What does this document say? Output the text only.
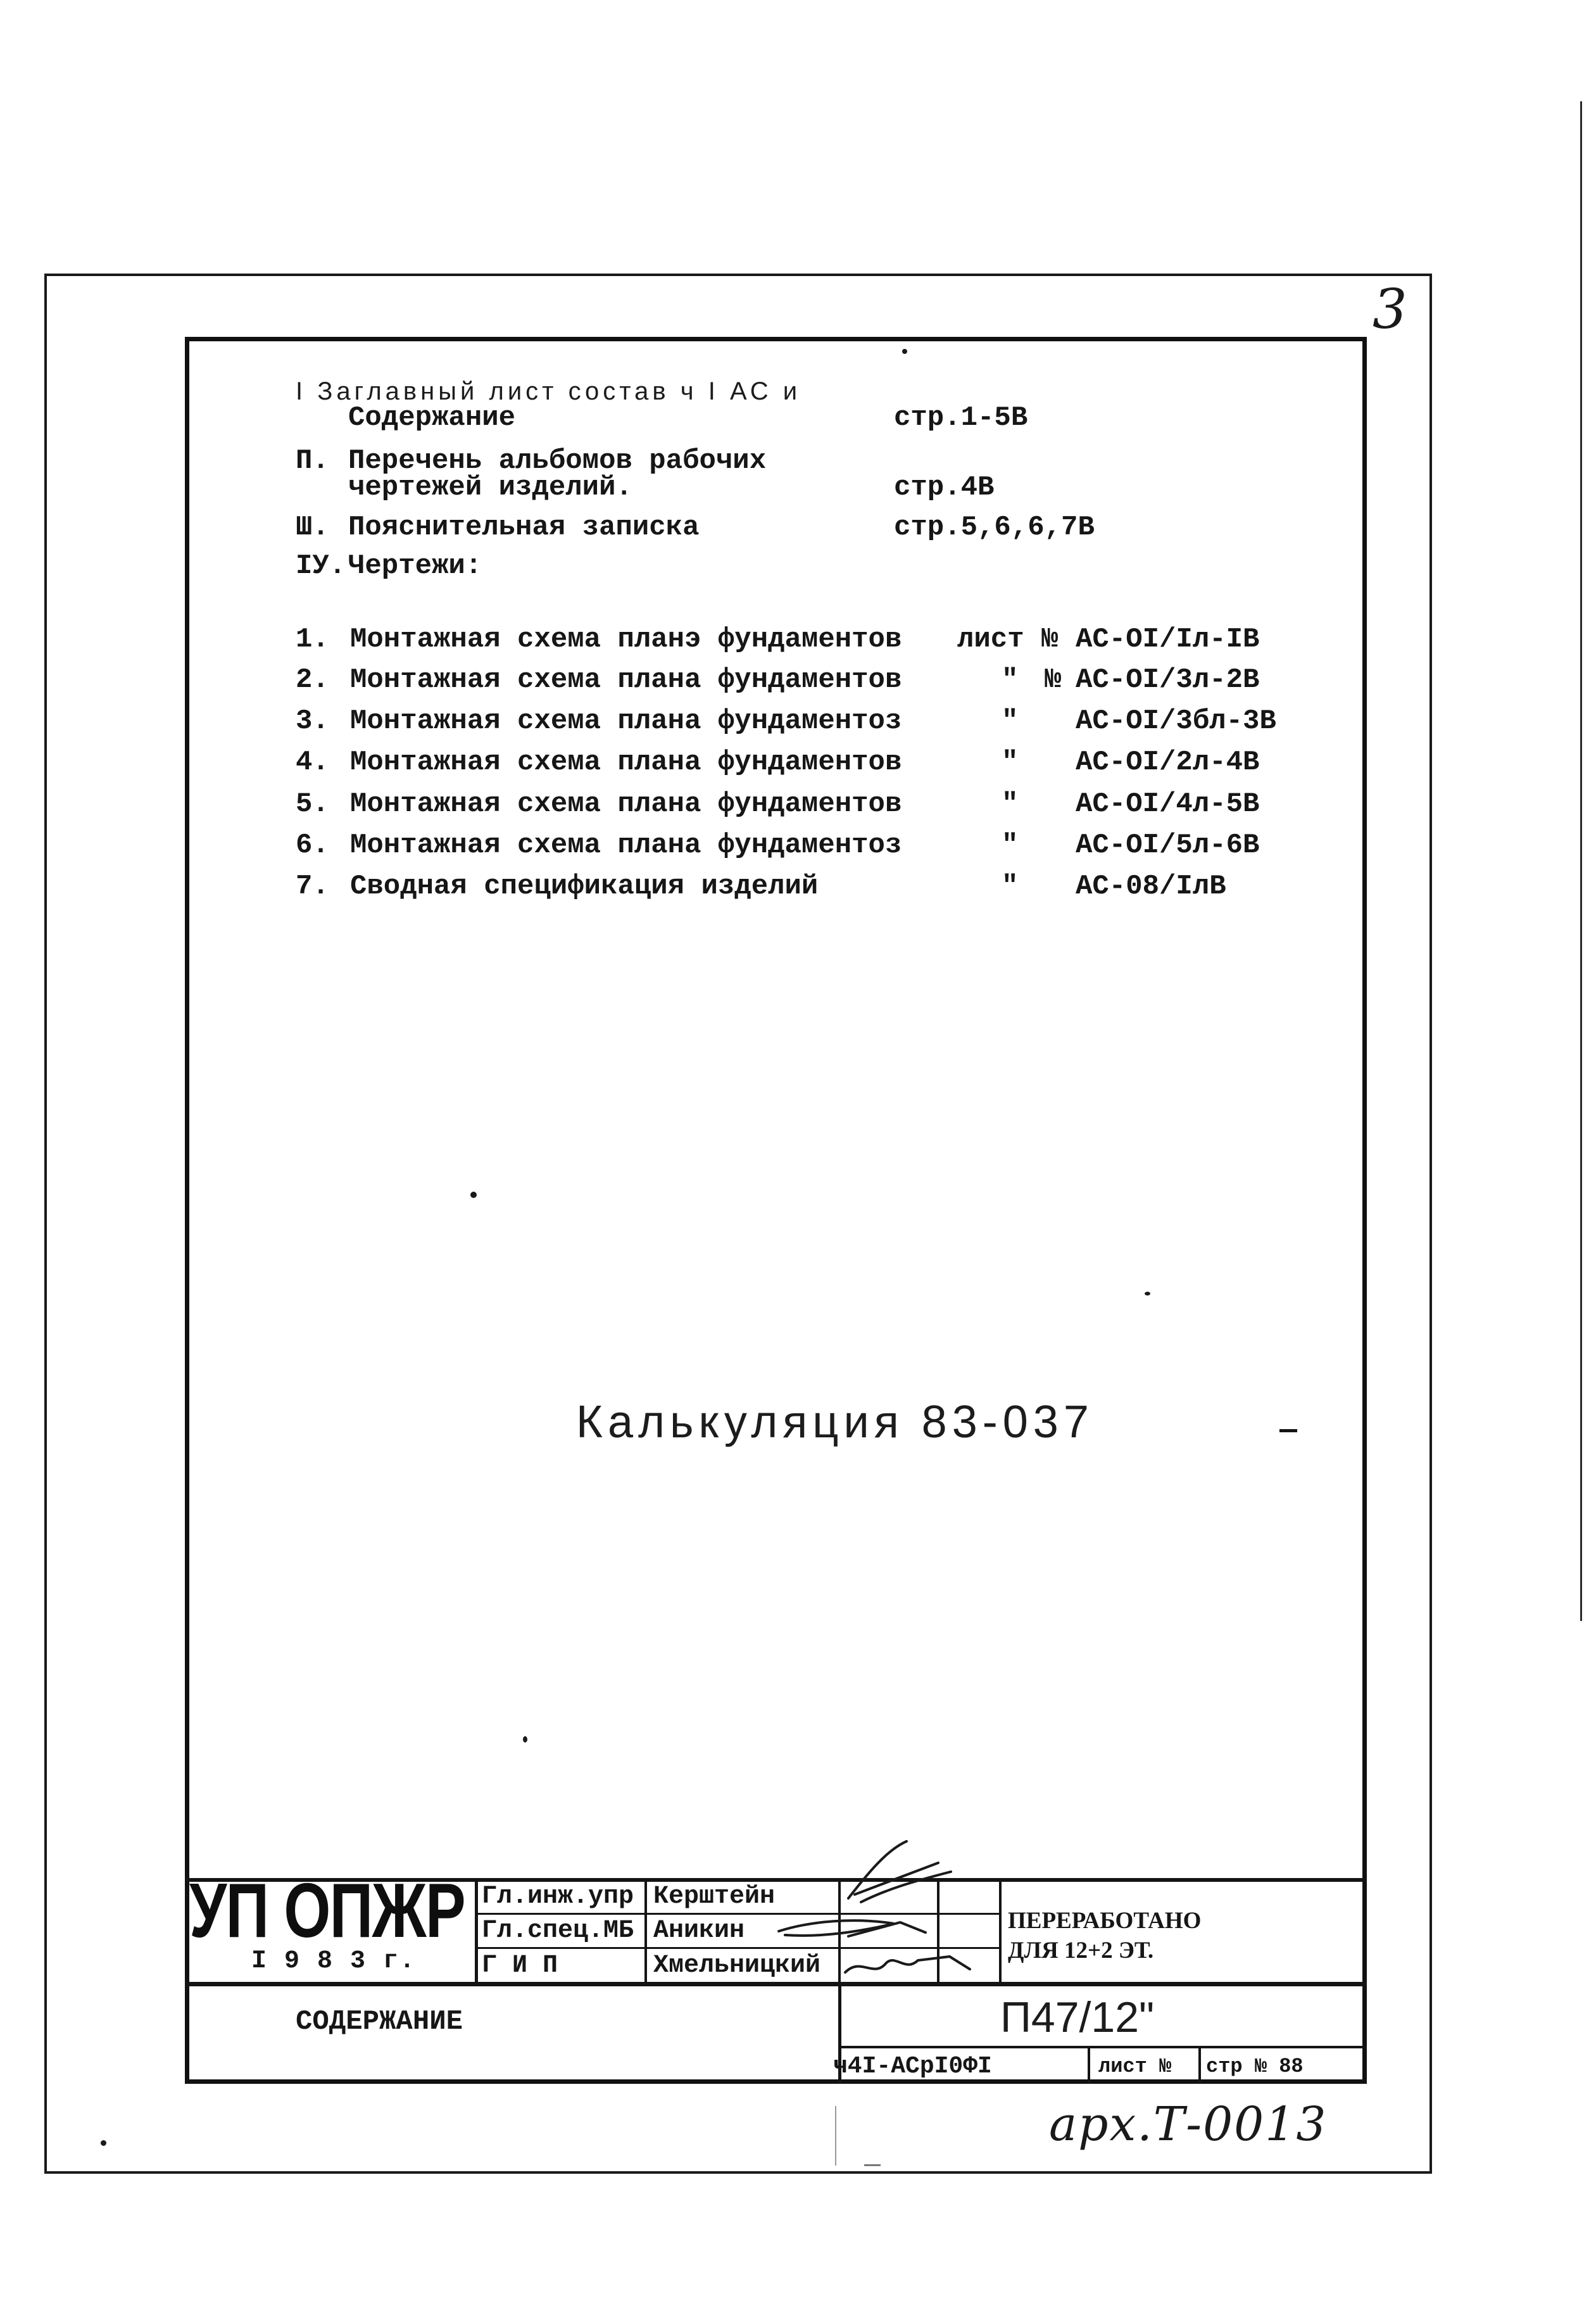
3
I Заглавный лист состав ч I АС и
Содержание	стр.1-5В
П. Перечень альбомов рабочих
чертежей изделий.	стр.4В
Ш. Пояснительная записка	стр.5,6,6,7В
IУ. Чертежи:
1. Монтажная схема планэ фундаментов лист № АС-OI/Iл-IВ
2. Монтажная схема плана фундаментов	" № АС-OI/3л-2В
3. Монтажная схема плана фундаментоз	" АС-OI/3бл-3В
4. Монтажная схема плана фундаментов	" АС-OI/2л-4В
5. Монтажная схема плана фундаментов	" АС-OI/4л-5В
6. Монтажная схема плана фундаментоз	" АС-OI/5л-6В
7. Сводная спецификация изделий	" АС-08/IлВ
Калькуляция 83-037
УП ОПЖР
I 9 8 3 г.
Гл.инж.упр Керштейн
Гл.спец.МБ Аникин
Г И П	Хмельницкий
ПЕРЕРАБОТАНО
ДЛЯ 12+2 ЭТ.
СОДЕРЖАНИЕ	П47/12"
ч4I-АСрI0ФI	лист № стр № 88
арх.Т-0013
